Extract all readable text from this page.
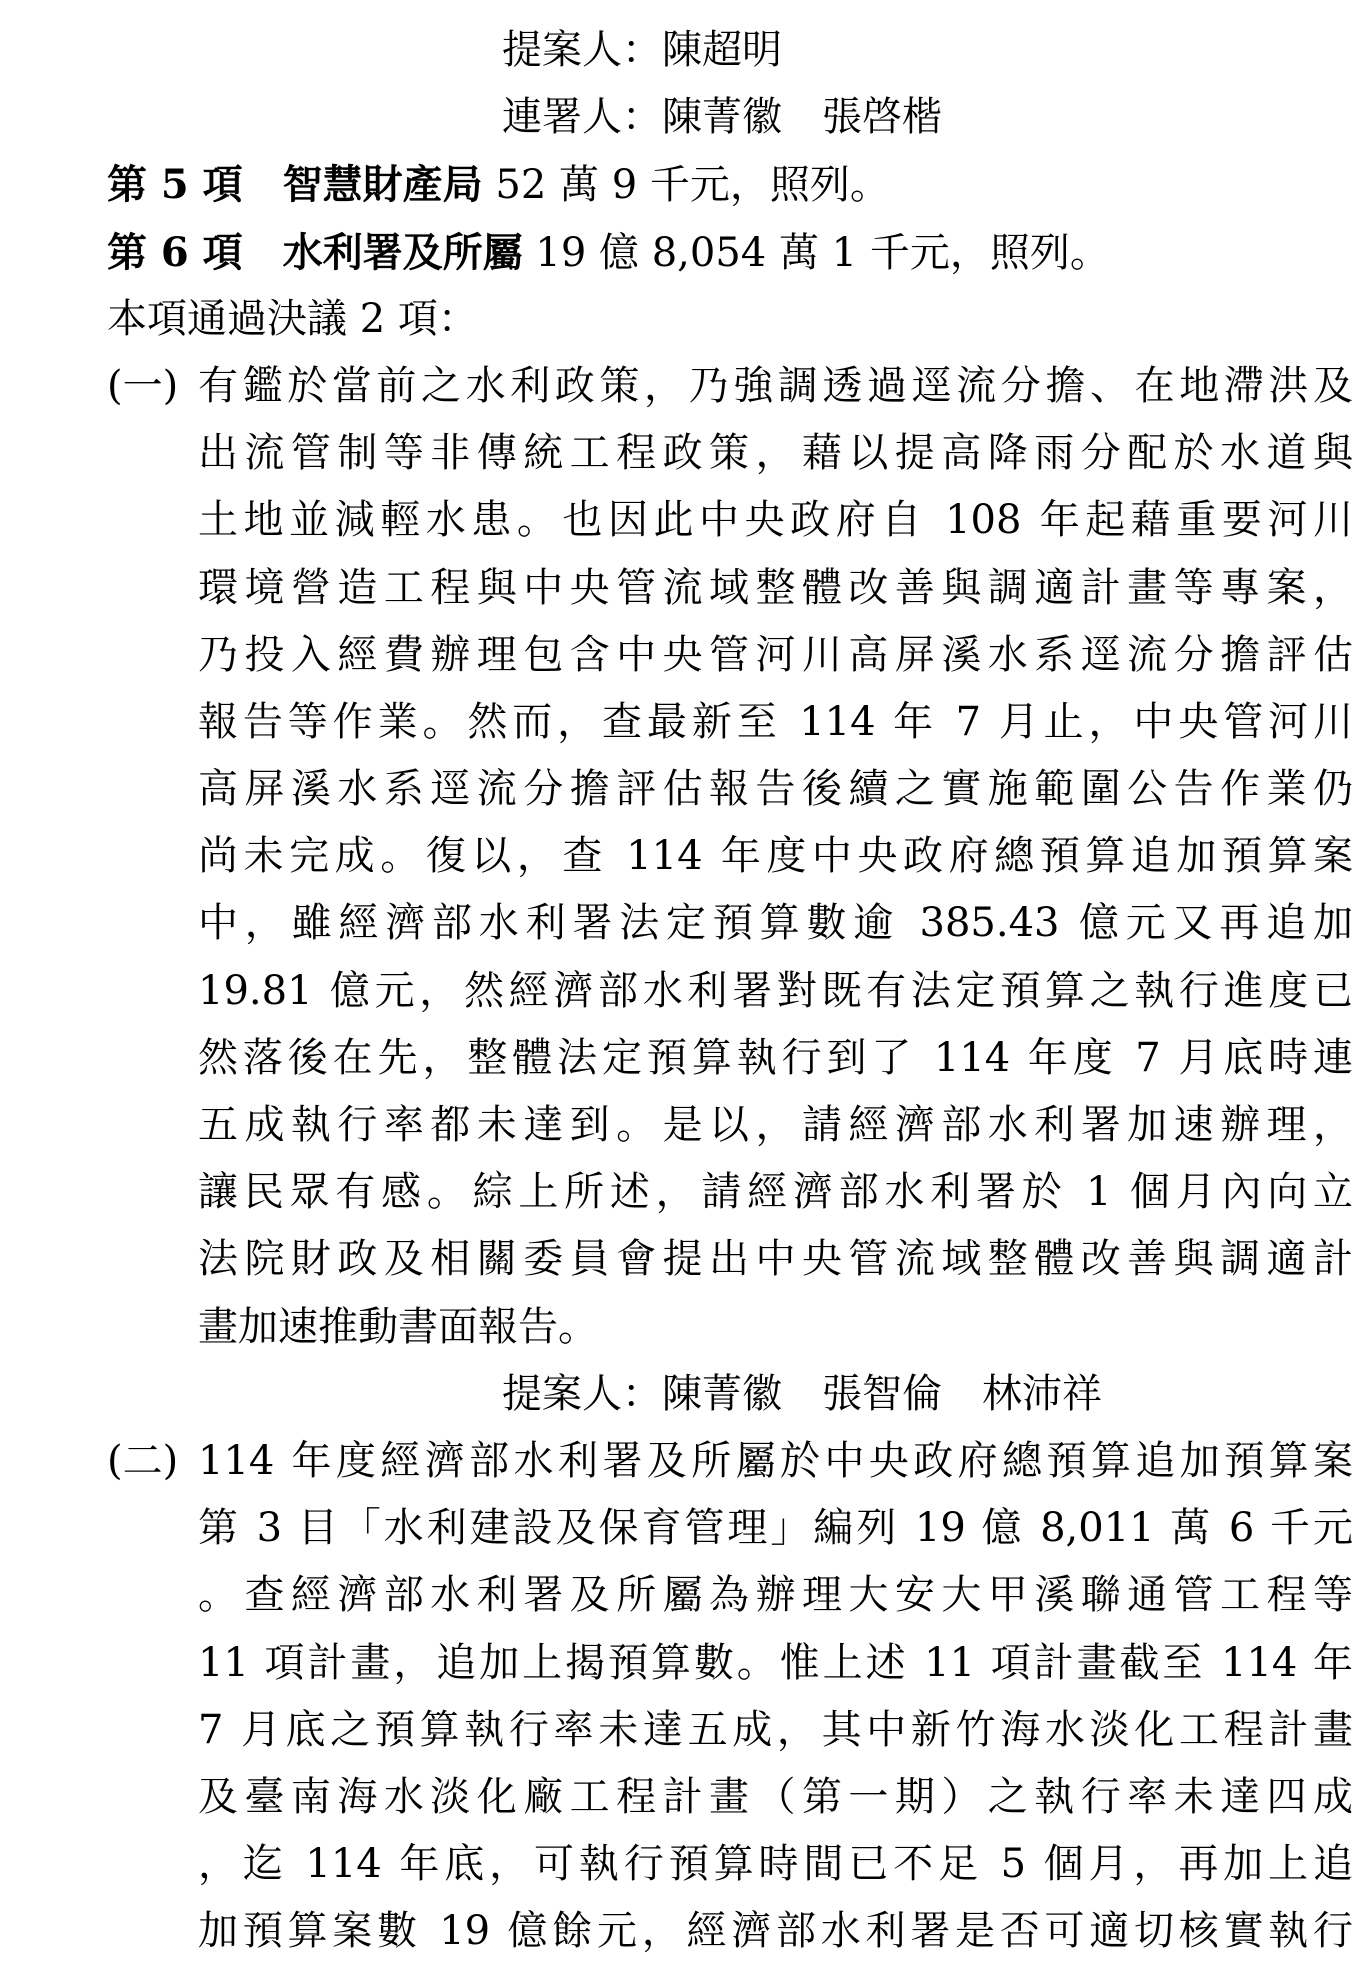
提案人：陳超明
連署人：陳菁徽　張啓楷
第 5 項　智慧財產局 52 萬 9 千元，照列。
第 6 項　水利署及所屬 19 億 8,054 萬 1 千元，照列。
本項通過決議 2 項：
(一) 有鑑於當前之水利政策，乃強調透過逕流分擔、在地滯洪及
出流管制等非傳統工程政策，藉以提高降雨分配於水道與
土地並減輕水患。也因此中央政府自 108 年起藉重要河川
環境營造工程與中央管流域整體改善與調適計畫等專案，
乃投入經費辦理包含中央管河川高屏溪水系逕流分擔評估
報告等作業。然而，查最新至 114 年 7 月止，中央管河川
高屏溪水系逕流分擔評估報告後續之實施範圍公告作業仍
尚未完成。復以，查 114 年度中央政府總預算追加預算案
中，雖經濟部水利署法定預算數逾 385.43 億元又再追加
19.81 億元，然經濟部水利署對既有法定預算之執行進度已
然落後在先，整體法定預算執行到了 114 年度 7 月底時連
五成執行率都未達到。是以，請經濟部水利署加速辦理，
讓民眾有感。綜上所述，請經濟部水利署於 1 個月內向立
法院財政及相關委員會提出中央管流域整體改善與調適計
畫加速推動書面報告。
提案人：陳菁徽　張智倫　林沛祥
(二) 114 年度經濟部水利署及所屬於中央政府總預算追加預算案
第 3 目「水利建設及保育管理」編列 19 億 8,011 萬 6 千元
。查經濟部水利署及所屬為辦理大安大甲溪聯通管工程等
11 項計畫，追加上揭預算數。惟上述 11 項計畫截至 114 年
7 月底之預算執行率未達五成，其中新竹海水淡化工程計畫
及臺南海水淡化廠工程計畫（第一期）之執行率未達四成
，迄 114 年底，可執行預算時間已不足 5 個月，再加上追
加預算案數 19 億餘元，經濟部水利署是否可適切核實執行
